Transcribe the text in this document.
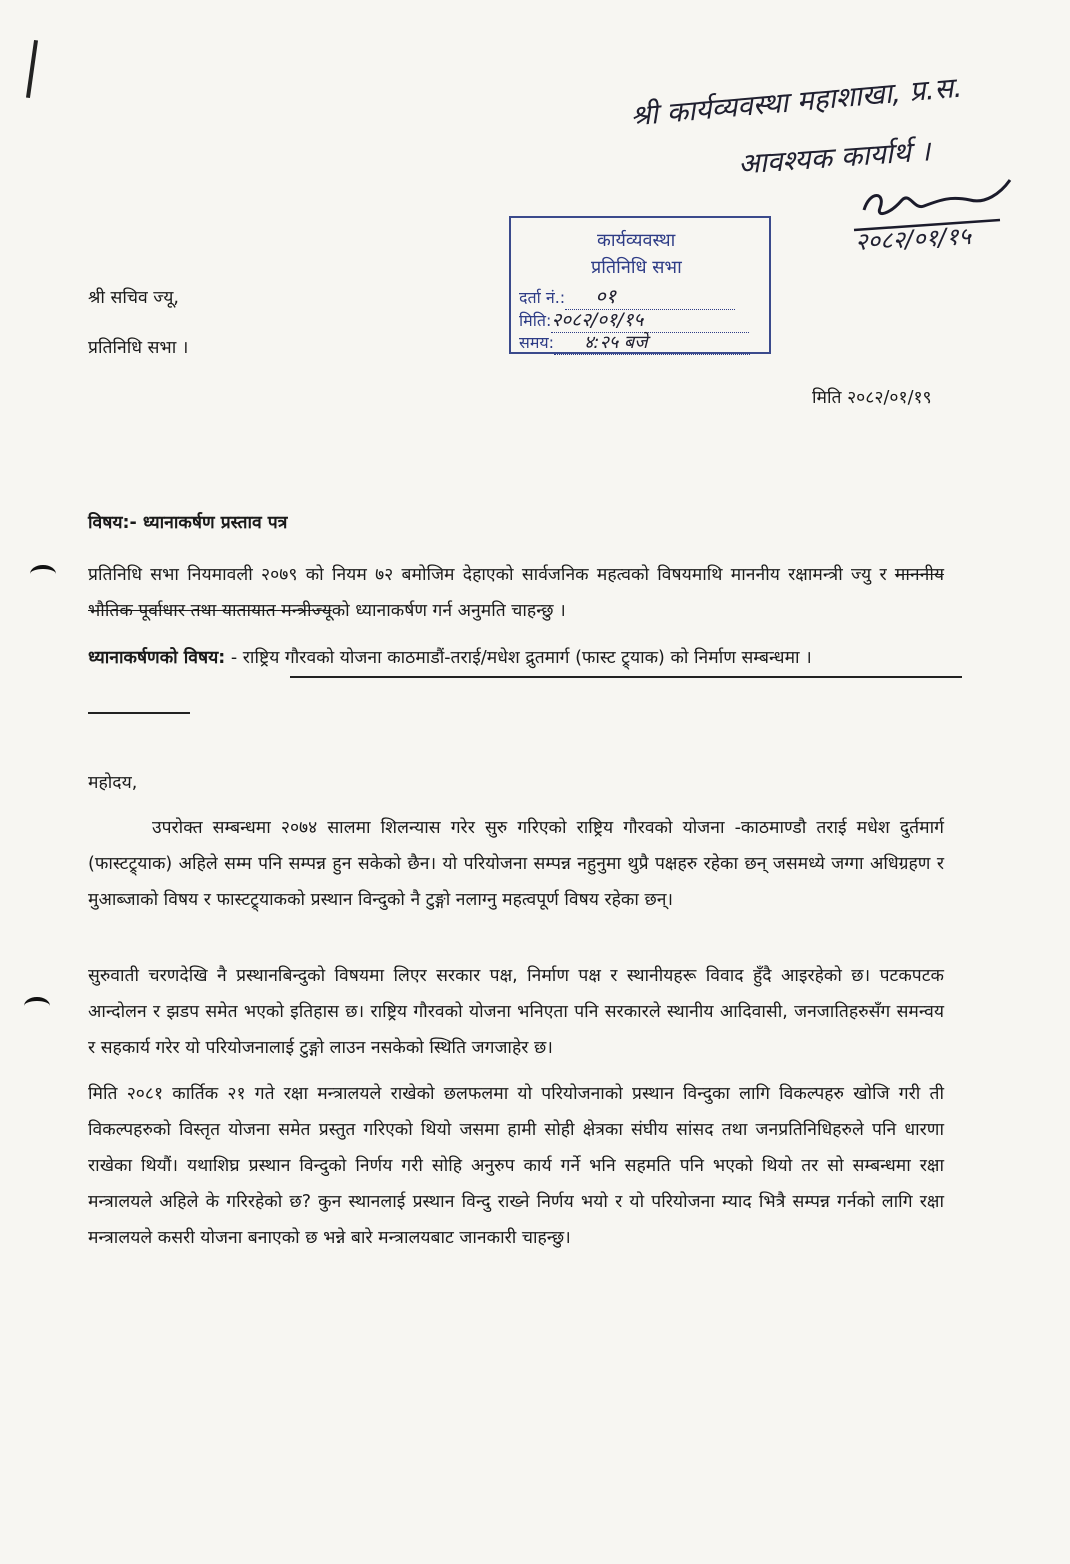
श्री कार्यव्यवस्था महाशाखा, प्र.स.
आवश्यक कार्यार्थ ।
२०८२/०१/१५
कार्यव्यवस्था
प्रतिनिधि सभा
दर्ता नं.: ०१
मिति:२०८२/०१/१५
समय: ४:२५ बजे
श्री सचिव ज्यू,
प्रतिनिधि सभा ।
मिति २०८२/०१/१९
विषय:- ध्यानाकर्षण प्रस्ताव पत्र
प्रतिनिधि सभा नियमावली २०७९ को नियम ७२ बमोजिम देहाएको सार्वजनिक महत्वको विषयमाथि माननीय रक्षामन्त्री ज्यु र माननीय भौतिक पूर्वाधार तथा यातायात मन्त्रीज्यूको ध्यानाकर्षण गर्न अनुमति चाहन्छु ।
ध्यानाकर्षणको विषय: - राष्ट्रिय गौरवको योजना काठमाडौं-तराई/मधेश द्रुतमार्ग (फास्ट ट्र्याक) को निर्माण सम्बन्धमा ।
महोदय,
उपरोक्त सम्बन्धमा २०७४ सालमा शिलन्यास गरेर सुरु गरिएको राष्ट्रिय गौरवको योजना -काठमाण्डौ तराई मधेश दुर्तमार्ग (फास्टट्र्याक) अहिले सम्म पनि सम्पन्न हुन सकेको छैन। यो परियोजना सम्पन्न नहुनुमा थुप्रै पक्षहरु रहेका छन् जसमध्ये जग्गा अधिग्रहण र मुआब्जाको विषय र फास्टट्र्याकको प्रस्थान विन्दुको नै टुङ्गो नलाग्नु महत्वपूर्ण विषय रहेका छन्।
सुरुवाती चरणदेखि नै प्रस्थानबिन्दुको विषयमा लिएर सरकार पक्ष, निर्माण पक्ष र स्थानीयहरू विवाद हुँदै आइरहेको छ। पटकपटक आन्दोलन र झडप समेत भएको इतिहास छ। राष्ट्रिय गौरवको योजना भनिएता पनि सरकारले स्थानीय आदिवासी, जनजातिहरुसँग समन्वय र सहकार्य गरेर यो परियोजनालाई टुङ्गो लाउन नसकेको स्थिति जगजाहेर छ।
मिति २०८१ कार्तिक २१ गते रक्षा मन्त्रालयले राखेको छलफलमा यो परियोजनाको प्रस्थान विन्दुका लागि विकल्पहरु खोजि गरी ती विकल्पहरुको विस्तृत योजना समेत प्रस्तुत गरिएको थियो जसमा हामी सोही क्षेत्रका संघीय सांसद तथा जनप्रतिनिधिहरुले पनि धारणा राखेका थियौं। यथाशिघ्र प्रस्थान विन्दुको निर्णय गरी सोहि अनुरुप कार्य गर्ने भनि सहमति पनि भएको थियो तर सो सम्बन्धमा रक्षा मन्त्रालयले अहिले के गरिरहेको छ? कुन स्थानलाई प्रस्थान विन्दु राख्ने निर्णय भयो र यो परियोजना म्याद भित्रै सम्पन्न गर्नको लागि रक्षा मन्त्रालयले कसरी योजना बनाएको छ भन्ने बारे मन्त्रालयबाट जानकारी चाहन्छु।
